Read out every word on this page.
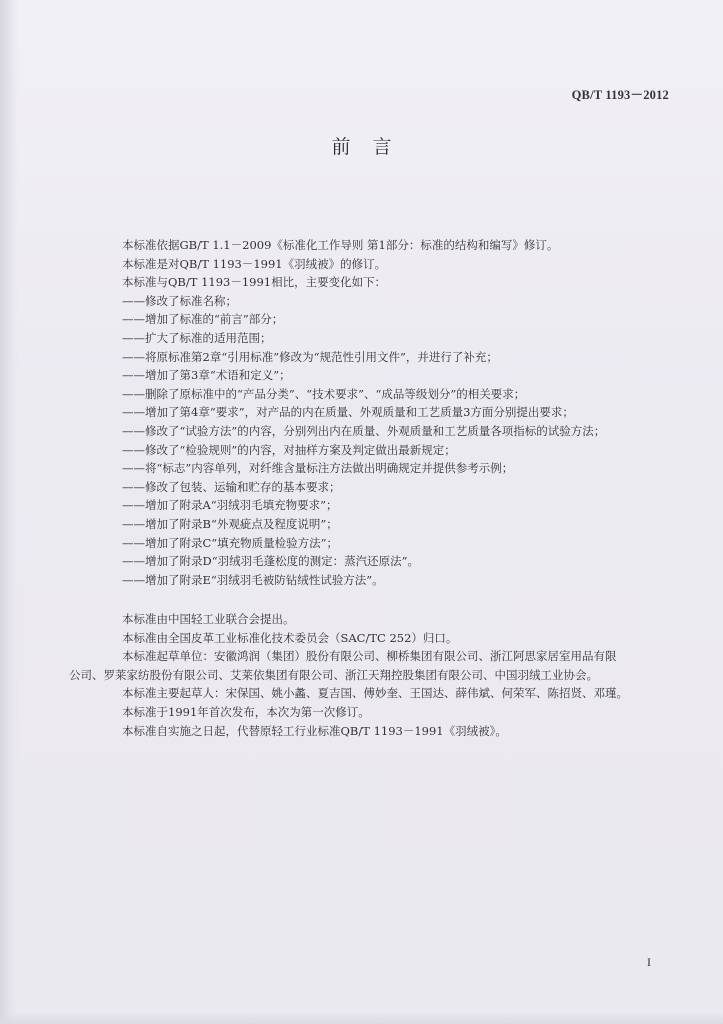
QB/T 1193－2012
前言
本标准依据GB/T 1.1－2009《标准化工作导则 第1部分：标准的结构和编写》修订。
本标准是对QB/T 1193－1991《羽绒被》的修订。
本标准与QB/T 1193－1991相比，主要变化如下：
——修改了标准名称；
——增加了标准的“前言”部分；
——扩大了标准的适用范围；
——将原标准第2章“引用标准”修改为“规范性引用文件”，并进行了补充；
——增加了第3章“术语和定义”；
——删除了原标准中的“产品分类”、“技术要求”、“成品等级划分”的相关要求；
——增加了第4章“要求”，对产品的内在质量、外观质量和工艺质量3方面分别提出要求；
——修改了“试验方法”的内容，分别列出内在质量、外观质量和工艺质量各项指标的试验方法；
——修改了“检验规则”的内容，对抽样方案及判定做出最新规定；
——将“标志”内容单列，对纤维含量标注方法做出明确规定并提供参考示例；
——修改了包装、运输和贮存的基本要求；
——增加了附录A“羽绒羽毛填充物要求”；
——增加了附录B“外观疵点及程度说明”；
——增加了附录C“填充物质量检验方法”；
——增加了附录D“羽绒羽毛蓬松度的测定：蒸汽还原法”。
——增加了附录E“羽绒羽毛被防钻绒性试验方法”。
本标准由中国轻工业联合会提出。
本标准由全国皮革工业标准化技术委员会（SAC/TC 252）归口。
本标准起草单位：安徽鸿润（集团）股份有限公司、柳桥集团有限公司、浙江阿思家居室用品有限
公司、罗莱家纺股份有限公司、艾莱依集团有限公司、浙江天翔控股集团有限公司、中国羽绒工业协会。
本标准主要起草人：宋保国、姚小蠡、夏吉国、傅妙奎、王国达、薛伟斌、何荣军、陈招贤、邓瑾。
本标准于1991年首次发布，本次为第一次修订。
本标准自实施之日起，代替原轻工行业标准QB/T 1193－1991《羽绒被》。
I
